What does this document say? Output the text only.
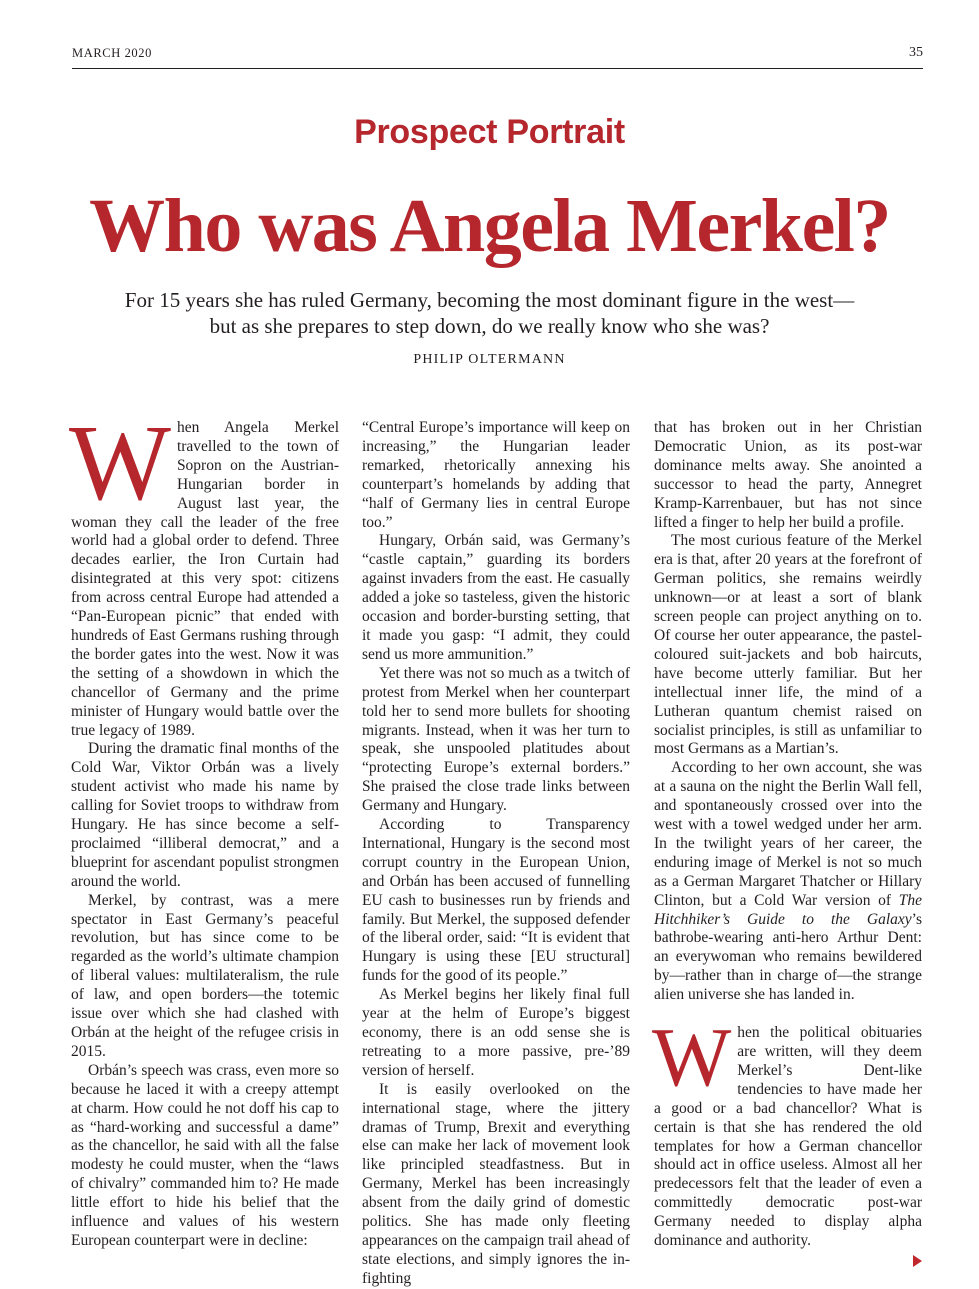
MARCH 2020	35
Prospect Portrait
Who was Angela Merkel?
For 15 years she has ruled Germany, becoming the most dominant figure in the west—
but as she prepares to step down, do we really know who she was?
PHILIP OLTERMANN

When Angela Merkel travelled to the town of Sopron on the Austrian-Hungarian border in August last year, the woman they call the leader of the free world had a global order to defend. Three decades earlier, the Iron Curtain had disintegrated at this very spot: citizens from across central Europe had attended a “Pan-European picnic” that ended with hundreds of East Germans rushing through the border gates into the west. Now it was the setting of a showdown in which the chancellor of Germany and the prime minister of Hungary would battle over the true legacy of 1989.

During the dramatic final months of the Cold War, Viktor Orbán was a lively student activist who made his name by calling for Soviet troops to withdraw from Hungary. He has since become a self-proclaimed “illiberal democrat,” and a blueprint for ascendant populist strongmen around the world.

Merkel, by contrast, was a mere spectator in East Germany’s peaceful revolution, but has since come to be regarded as the world’s ultimate champion of liberal values: multilateralism, the rule of law, and open borders—the totemic issue over which she had clashed with Orbán at the height of the refugee crisis in 2015.

Orbán’s speech was crass, even more so because he laced it with a creepy attempt at charm. How could he not doff his cap to as “hard-working and successful a dame” as the chancellor, he said with all the false modesty he could muster, when the “laws of chivalry” commanded him to? He made little effort to hide his belief that the influence and values of his western European counterpart were in decline:

“Central Europe’s importance will keep on increasing,” the Hungarian leader remarked, rhetorically annexing his counterpart’s homelands by adding that “half of Germany lies in central Europe too.”

Hungary, Orbán said, was Germany’s “castle captain,” guarding its borders against invaders from the east. He casually added a joke so tasteless, given the historic occasion and border-bursting setting, that it made you gasp: “I admit, they could send us more ammunition.”

Yet there was not so much as a twitch of protest from Merkel when her counterpart told her to send more bullets for shooting migrants. Instead, when it was her turn to speak, she unspooled platitudes about “protecting Europe’s external borders.” She praised the close trade links between Germany and Hungary.

According to Transparency International, Hungary is the second most corrupt country in the European Union, and Orbán has been accused of funnelling EU cash to businesses run by friends and family. But Merkel, the supposed defender of the liberal order, said: “It is evident that Hungary is using these [EU structural] funds for the good of its people.”

As Merkel begins her likely final full year at the helm of Europe’s biggest economy, there is an odd sense she is retreating to a more passive, pre-’89 version of herself.

It is easily overlooked on the international stage, where the jittery dramas of Trump, Brexit and everything else can make her lack of movement look like principled steadfastness. But in Germany, Merkel has been increasingly absent from the daily grind of domestic politics. She has made only fleeting appearances on the campaign trail ahead of state elections, and simply ignores the in-fighting

that has broken out in her Christian Democratic Union, as its post-war dominance melts away. She anointed a successor to head the party, Annegret Kramp-Karrenbauer, but has not since lifted a finger to help her build a profile.

The most curious feature of the Merkel era is that, after 20 years at the forefront of German politics, she remains weirdly unknown—or at least a sort of blank screen people can project anything on to. Of course her outer appearance, the pastel-coloured suit-jackets and bob haircuts, have become utterly familiar. But her intellectual inner life, the mind of a Lutheran quantum chemist raised on socialist principles, is still as unfamiliar to most Germans as a Martian’s.

According to her own account, she was at a sauna on the night the Berlin Wall fell, and spontaneously crossed over into the west with a towel wedged under her arm. In the twilight years of her career, the enduring image of Merkel is not so much as a German Margaret Thatcher or Hillary Clinton, but a Cold War version of The Hitchhiker’s Guide to the Galaxy’s bathrobe-wearing anti-hero Arthur Dent: an everywoman who remains bewildered by—rather than in charge of—the strange alien universe she has landed in.

When the political obituaries are written, will they deem Merkel’s Dent-like tendencies to have made her a good or a bad chancellor? What is certain is that she has rendered the old templates for how a German chancellor should act in office useless. Almost all her predecessors felt that the leader of even a committedly democratic post-war Germany needed to display alpha dominance and authority.
